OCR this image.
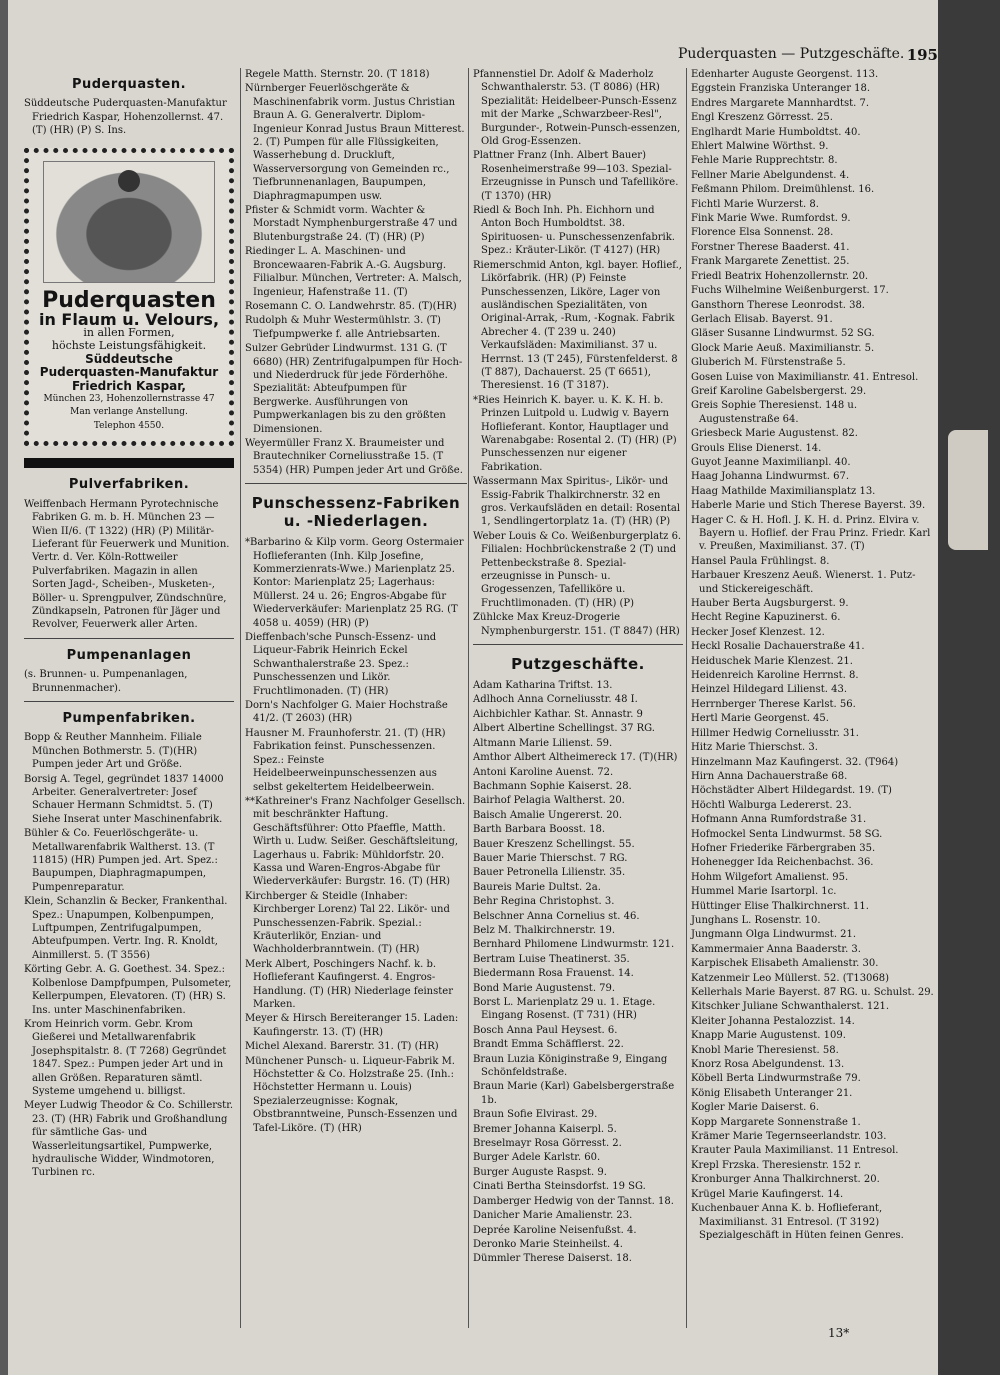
Puderquasten — Putzgeschäfte. 195
Puderquasten.
Süddeutsche Puderquasten-Manufaktur Friedrich Kaspar, Hohenzollernst. 47. (T) (HR) (P) S. Ins.
Puderquasten
in Flaum u. Velours,
in allen Formen,
höchste Leistungsfähigkeit.
Süddeutsche
Puderquasten-Manufaktur
Friedrich Kaspar,
München 23, Hohenzollernstrasse 47
Man verlange Anstellung.
Telephon 4550.
Pulverfabriken.
Weiffenbach Hermann Pyrotechnische Fabriken G. m. b. H. München 23 — Wien II/6. (T 1322) (HR) (P) Militär-Lieferant für Feuerwerk und Munition. Vertr. d. Ver. Köln-Rottweiler Pulverfabriken. Magazin in allen Sorten Jagd-, Scheiben-, Musketen-, Böller- u. Sprengpulver, Zündschnüre, Zündkapseln, Patronen für Jäger und Revolver, Feuerwerk aller Arten.
Pumpenanlagen
(s. Brunnen- u. Pumpenanlagen, Brunnenmacher).
Pumpenfabriken.
Bopp & Reuther Mannheim. Filiale München Bothmerstr. 5. (T)(HR) Pumpen jeder Art und Größe.
Borsig A. Tegel, gegründet 1837 14000 Arbeiter. Generalvertreter: Josef Schauer Hermann Schmidtst. 5. (T) Siehe Inserat unter Maschinenfabrik.
Bühler & Co. Feuerlöschgeräte- u. Metallwarenfabrik Waltherst. 13. (T 11815) (HR) Pumpen jed. Art. Spez.: Baupumpen, Diaphragmapumpen, Pumpenreparatur.
Klein, Schanzlin & Becker, Frankenthal. Spez.: Unapumpen, Kolbenpumpen, Luftpumpen, Zentrifugalpumpen, Abteufpumpen. Vertr. Ing. R. Knoldt, Ainmillerst. 5. (T 3556)
Körting Gebr. A. G. Goethest. 34. Spez.: Kolbenlose Dampfpumpen, Pulsometer, Kellerpumpen, Elevatoren. (T) (HR) S. Ins. unter Maschinenfabriken.
Krom Heinrich vorm. Gebr. Krom Gießerei und Metallwarenfabrik Josephspitalstr. 8. (T 7268) Gegründet 1847. Spez.: Pumpen jeder Art und in allen Größen. Reparaturen sämtl. Systeme umgehend u. billigst.
Meyer Ludwig Theodor & Co. Schillerstr. 23. (T) (HR) Fabrik und Großhandlung für sämtliche Gas- und Wasserleitungsartikel, Pumpwerke, hydraulische Widder, Windmotoren, Turbinen rc.
Regele Matth. Sternstr. 20. (T 1818)
Nürnberger Feuerlöschgeräte & Maschinenfabrik vorm. Justus Christian Braun A. G. Generalvertr. Diplom-Ingenieur Konrad Justus Braun Mitterest. 2. (T) Pumpen für alle Flüssigkeiten, Wasserhebung d. Druckluft, Wasserversorgung von Gemeinden rc., Tiefbrunnenanlagen, Baupumpen, Diaphragmapumpen usw.
Pfister & Schmidt vorm. Wachter & Morstadt Nymphenburgerstraße 47 und Blutenburgstraße 24. (T) (HR) (P)
Riedinger L. A. Maschinen- und Broncewaaren-Fabrik A.-G. Augsburg. Filialbur. München, Vertreter: A. Malsch, Ingenieur, Hafenstraße 11. (T)
Rosemann C. O. Landwehrstr. 85. (T)(HR)
Rudolph & Muhr Westermühlstr. 3. (T) Tiefpumpwerke f. alle Antriebsarten.
Sulzer Gebrüder Lindwurmst. 131 G. (T 6680) (HR) Zentrifugalpumpen für Hoch- und Niederdruck für jede Förderhöhe. Spezialität: Abteufpumpen für Bergwerke. Ausführungen von Pumpwerkanlagen bis zu den größten Dimensionen.
Weyermüller Franz X. Braumeister und Brautechniker Corneliusstraße 15. (T 5354) (HR) Pumpen jeder Art und Größe.
Punschessenz-Fabriken u. -Niederlagen.
*Barbarino & Kilp vorm. Georg Ostermaier Hoflieferanten (Inh. Kilp Josefine, Kommerzienrats-Wwe.) Marienplatz 25. Kontor: Marienplatz 25; Lagerhaus: Müllerst. 24 u. 26; Engros-Abgabe für Wiederverkäufer: Marienplatz 25 RG. (T 4058 u. 4059) (HR) (P)
Dieffenbach'sche Punsch-Essenz- und Liqueur-Fabrik Heinrich Eckel Schwanthalerstraße 23. Spez.: Punschessenzen und Likör. Fruchtlimonaden. (T) (HR)
Dorn's Nachfolger G. Maier Hochstraße 41/2. (T 2603) (HR)
Hausner M. Fraunhoferstr. 21. (T) (HR) Fabrikation feinst. Punschessenzen. Spez.: Feinste Heidelbeerweinpunschessenzen aus selbst gekeltertem Heidelbeerwein.
**Kathreiner's Franz Nachfolger Gesellsch. mit beschränkter Haftung. Geschäftsführer: Otto Pfaeffle, Matth. Wirth u. Ludw. Seißer. Geschäftsleitung, Lagerhaus u. Fabrik: Mühldorfstr. 20. Kassa und Waren-Engros-Abgabe für Wiederverkäufer: Burgstr. 16. (T) (HR)
Kirchberger & Steidle (Inhaber: Kirchberger Lorenz) Tal 22. Likör- und Punschessenzen-Fabrik. Spezial.: Kräuterlikör, Enzian- und Wachholderbranntwein. (T) (HR)
Merk Albert, Poschingers Nachf. k. b. Hoflieferant Kaufingerst. 4. Engros-Handlung. (T) (HR) Niederlage feinster Marken.
Meyer & Hirsch Bereiteranger 15. Laden: Kaufingerstr. 13. (T) (HR)
Michel Alexand. Barerstr. 31. (T) (HR)
Münchener Punsch- u. Liqueur-Fabrik M. Höchstetter & Co. Holzstraße 25. (Inh.: Höchstetter Hermann u. Louis) Spezialerzeugnisse: Kognak, Obstbranntweine, Punsch-Essenzen und Tafel-Liköre. (T) (HR)
Pfannenstiel Dr. Adolf & Maderholz Schwanthalerstr. 53. (T 8086) (HR) Spezialität: Heidelbeer-Punsch-Essenz mit der Marke „Schwarzbeer-Resl", Burgunder-, Rotwein-Punsch-essenzen, Old Grog-Essenzen.
Plattner Franz (Inh. Albert Bauer) Rosenheimerstraße 99—103. Spezial-Erzeugnisse in Punsch und Tafelliköre. (T 1370) (HR)
Riedl & Boch Inh. Ph. Eichhorn und Anton Boch Humboldtst. 38. Spirituosen- u. Punschessenzenfabrik. Spez.: Kräuter-Likör. (T 4127) (HR)
Riemerschmid Anton, kgl. bayer. Hoflief., Likörfabrik. (HR) (P) Feinste Punschessenzen, Liköre, Lager von ausländischen Spezialitäten, von Original-Arrak, -Rum, -Kognak. Fabrik Abrecher 4. (T 239 u. 240) Verkaufsläden: Maximilianst. 37 u. Herrnst. 13 (T 245), Fürstenfelderst. 8 (T 887), Dachauerst. 25 (T 6651), Theresienst. 16 (T 3187).
*Ries Heinrich K. bayer. u. K. K. H. b. Prinzen Luitpold u. Ludwig v. Bayern Hoflieferant. Kontor, Hauptlager und Warenabgabe: Rosental 2. (T) (HR) (P) Punschessenzen nur eigener Fabrikation.
Wassermann Max Spiritus-, Likör- und Essig-Fabrik Thalkirchnerstr. 32 en gros. Verkaufsläden en detail: Rosental 1, Sendlingertorplatz 1a. (T) (HR) (P)
Weber Louis & Co. Weißenburgerplatz 6. Filialen: Hochbrückenstraße 2 (T) und Pettenbeckstraße 8. Spezial-erzeugnisse in Punsch- u. Grogessenzen, Tafelliköre u. Fruchtlimonaden. (T) (HR) (P)
Zühlcke Max Kreuz-Drogerie Nymphenburgerstr. 151. (T 8847) (HR)
Putzgeschäfte.
Adam Katharina Triftst. 13.
Adlhoch Anna Corneliusstr. 48 I.
Aichbichler Kathar. St. Annastr. 9
Albert Albertine Schellingst. 37 RG.
Altmann Marie Lilienst. 59.
Amthor Albert Altheimereck 17. (T)(HR)
Antoni Karoline Auenst. 72.
Bachmann Sophie Kaiserst. 28.
Bairhof Pelagia Waltherst. 20.
Baisch Amalie Ungererst. 20.
Barth Barbara Boosst. 18.
Bauer Kreszenz Schellingst. 55.
Bauer Marie Thierschst. 7 RG.
Bauer Petronella Lilienstr. 35.
Baureis Marie Dultst. 2a.
Behr Regina Christophst. 3.
Belschner Anna Cornelius st. 46.
Belz M. Thalkirchnerstr. 19.
Bernhard Philomene Lindwurmstr. 121.
Bertram Luise Theatinerst. 35.
Biedermann Rosa Frauenst. 14.
Bond Marie Augustenst. 79.
Borst L. Marienplatz 29 u. 1. Etage. Eingang Rosenst. (T 731) (HR)
Bosch Anna Paul Heysest. 6.
Brandt Emma Schäfflerst. 22.
Braun Luzia Königinstraße 9, Eingang Schönfeldstraße.
Braun Marie (Karl) Gabelsbergerstraße 1b.
Braun Sofie Elvirast. 29.
Bremer Johanna Kaiserpl. 5.
Breselmayr Rosa Görresst. 2.
Burger Adele Karlstr. 60.
Burger Auguste Raspst. 9.
Cinati Bertha Steinsdorfst. 19 SG.
Damberger Hedwig von der Tannst. 18.
Danicher Marie Amalienstr. 23.
Deprée Karoline Neisenfußst. 4.
Deronko Marie Steinheilst. 4.
Dümmler Therese Daiserst. 18.
Edenharter Auguste Georgenst. 113.
Eggstein Franziska Unteranger 18.
Endres Margarete Mannhardtst. 7.
Engl Kreszenz Görresst. 25.
Englhardt Marie Humboldtst. 40.
Ehlert Malwine Wörthst. 9.
Fehle Marie Rupprechtstr. 8.
Fellner Marie Abelgundenst. 4.
Feßmann Philom. Dreimühlenst. 16.
Fichtl Marie Wurzerst. 8.
Fink Marie Wwe. Rumfordst. 9.
Florence Elsa Sonnenst. 28.
Forstner Therese Baaderst. 41.
Frank Margarete Zenettist. 25.
Friedl Beatrix Hohenzollernstr. 20.
Fuchs Wilhelmine Weißenburgerst. 17.
Gansthorn Therese Leonrodst. 38.
Gerlach Elisab. Bayerst. 91.
Gläser Susanne Lindwurmst. 52 SG.
Glock Marie Aeuß. Maximilianstr. 5.
Gluberich M. Fürstenstraße 5.
Gosen Luise von Maximilianstr. 41. Entresol.
Greif Karoline Gabelsbergerst. 29.
Greis Sophie Theresienst. 148 u. Augustenstraße 64.
Griesbeck Marie Augustenst. 82.
Grouls Elise Dienerst. 14.
Guyot Jeanne Maximilianpl. 40.
Haag Johanna Lindwurmst. 67.
Haag Mathilde Maximiliansplatz 13.
Haberle Marie und Stich Therese Bayerst. 39.
Hager C. & H. Hofl. J. K. H. d. Prinz. Elvira v. Bayern u. Hoflief. der Frau Prinz. Friedr. Karl v. Preußen, Maximilianst. 37. (T)
Hansel Paula Frühlingst. 8.
Harbauer Kreszenz Aeuß. Wienerst. 1. Putz- und Stickereigeschäft.
Hauber Berta Augsburgerst. 9.
Hecht Regine Kapuzinerst. 6.
Hecker Josef Klenzest. 12.
Heckl Rosalie Dachauerstraße 41.
Heiduschek Marie Klenzest. 21.
Heidenreich Karoline Herrnst. 8.
Heinzel Hildegard Lilienst. 43.
Herrnberger Therese Karlst. 56.
Hertl Marie Georgenst. 45.
Hillmer Hedwig Corneliusstr. 31.
Hitz Marie Thierschst. 3.
Hinzelmann Maz Kaufingerst. 32. (T964)
Hirn Anna Dachauerstraße 68.
Höchstädter Albert Hildegardst. 19. (T)
Höchtl Walburga Ledererst. 23.
Hofmann Anna Rumfordstraße 31.
Hofmockel Senta Lindwurmst. 58 SG.
Hofner Friederike Färbergraben 35.
Hohenegger Ida Reichenbachst. 36.
Hohm Wilgefort Amalienst. 95.
Hummel Marie Isartorpl. 1c.
Hüttinger Elise Thalkirchnerst. 11.
Junghans L. Rosenstr. 10.
Jungmann Olga Lindwurmst. 21.
Kammermaier Anna Baaderstr. 3.
Karpischek Elisabeth Amalienstr. 30.
Katzenmeir Leo Müllerst. 52. (T13068)
Kellerhals Marie Bayerst. 87 RG. u. Schulst. 29.
Kitschker Juliane Schwanthalerst. 121.
Kleiter Johanna Pestalozzist. 14.
Knapp Marie Augustenst. 109.
Knobl Marie Theresienst. 58.
Knorz Rosa Abelgundenst. 13.
Köbell Berta Lindwurmstraße 79.
König Elisabeth Unteranger 21.
Kogler Marie Daiserst. 6.
Kopp Margarete Sonnenstraße 1.
Krämer Marie Tegernseerlandstr. 103.
Krauter Paula Maximilianst. 11 Entresol.
Krepl Frzska. Theresienstr. 152 r.
Kronburger Anna Thalkirchnerst. 20.
Krügel Marie Kaufingerst. 14.
Kuchenbauer Anna K. b. Hoflieferant, Maximilianst. 31 Entresol. (T 3192) Spezialgeschäft in Hüten feinen Genres.
13*
